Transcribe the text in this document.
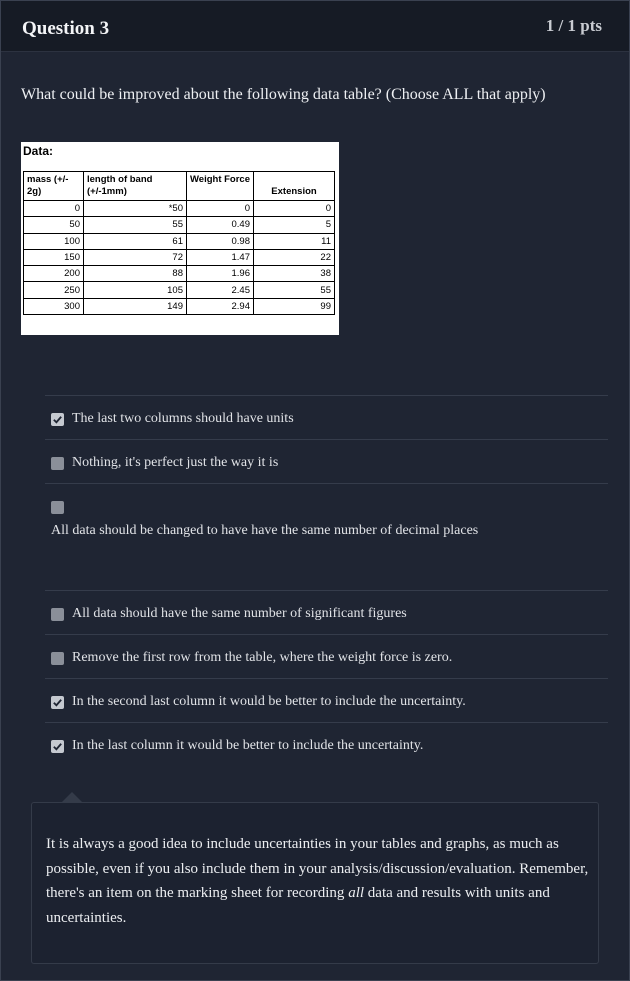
Question 3	1 / 1 pts
What could be improved about the following data table? (Choose ALL that apply)
Data:
mass (+/- 2g)	length of band (+/-1mm)	Weight Force	Extension
0	*50	0	0
50	55	0.49	5
100	61	0.98	11
150	72	1.47	22
200	88	1.96	38
250	105	2.45	55
300	149	2.94	99
The last two columns should have units
Nothing, it's perfect just the way it is
All data should be changed to have have the same number of decimal places
All data should have the same number of significant figures
Remove the first row from the table, where the weight force is zero.
In the second last column it would be better to include the uncertainty.
In the last column it would be better to include the uncertainty.
It is always a good idea to include uncertainties in your tables and graphs, as much as possible, even if you also include them in your analysis/discussion/evaluation. Remember, there's an item on the marking sheet for recording all data and results with units and uncertainties.
